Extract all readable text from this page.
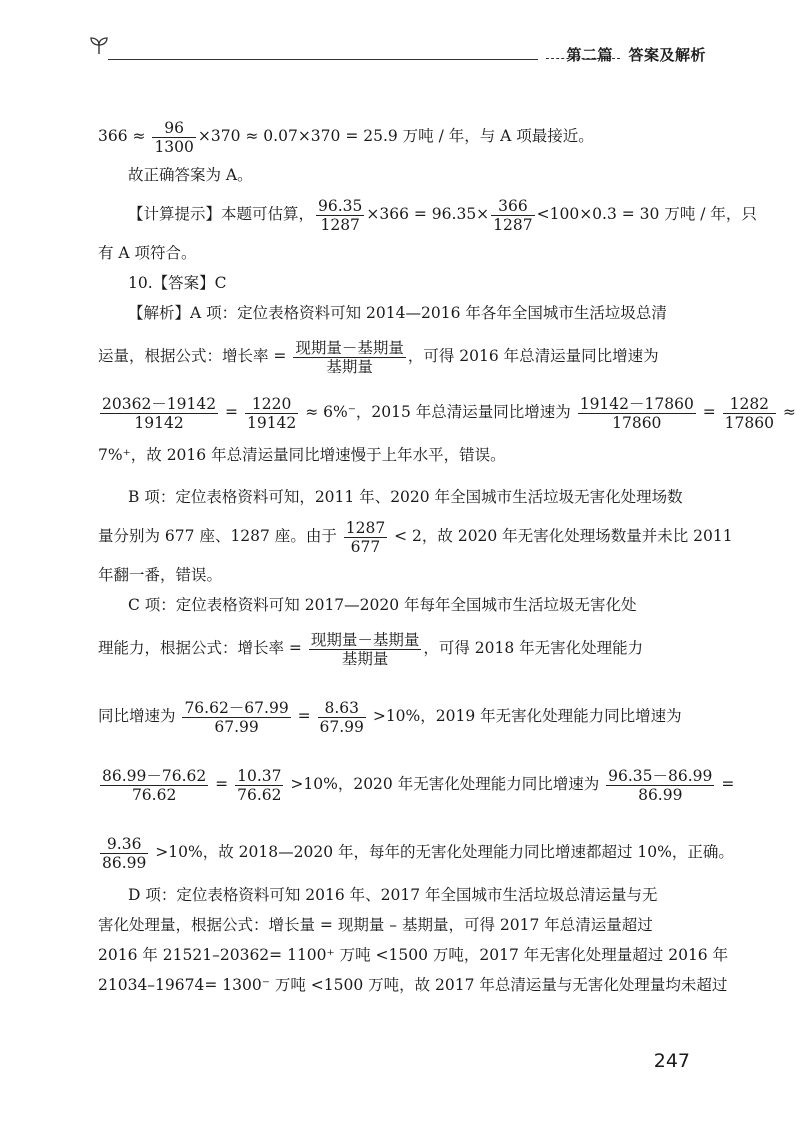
第二篇　答案及解析
$366 \approx \frac{96}{1300} \times 370 \approx 0.07\times 370 = 25.9$ 万吨 / 年，与 A 项最接近。
故正确答案为 A。
【计算提示】本题可估算， $\frac{96.35}{1287} \times 366 = 96.35\times \frac{366}{1287} <100\times 0.3 = 30$ 万吨 / 年，只
有 A 项符合。
10.【答案】C
【解析】A 项：定位表格资料可知 2014—2016 年各年全国城市生活垃圾总清
运量，根据公式：增长率 = $\frac{\text{现期量－基期量}}{\text{基期量}}$ ，可得 2016 年总清运量同比增速为
$\frac{20362-19142}{19142} = \frac{1220}{19142} \approx 6\%^-$，2015 年总清运量同比增速为 $\frac{19142-17860}{17860} = \frac{1282}{17860}$ ≈
7%⁺，故 2016 年总清运量同比增速慢于上年水平，错误。
B 项：定位表格资料可知，2011 年、2020 年全国城市生活垃圾无害化处理场数
量分别为 677 座、1287 座。由于 $\frac{1287}{677} < 2$，故 2020 年无害化处理场数量并未比 2011
年翻一番，错误。
C 项：定位表格资料可知 2017—2020 年每年全国城市生活垃圾无害化处
理能力，根据公式：增长率 = $\frac{\text{现期量－基期量}}{\text{基期量}}$ ，可得 2018 年无害化处理能力
同比增速为 $\frac{76.62-67.99}{67.99} = \frac{8.63}{67.99} >10\%$，2019 年无害化处理能力同比增速为
$\frac{86.99-76.62}{76.62} = \frac{10.37}{76.62} >10\%$，2020 年无害化处理能力同比增速为 $\frac{96.35-86.99}{86.99}$ =
$\frac{9.36}{86.99} >10\%$，故 2018—2020 年，每年的无害化处理能力同比增速都超过 10%，正确。
D 项：定位表格资料可知 2016 年、2017 年全国城市生活垃圾总清运量与无
害化处理量，根据公式：增长量 = 现期量 – 基期量，可得 2017 年总清运量超过
2016 年 21521–20362= 1100⁺ 万吨 <1500 万吨，2017 年无害化处理量超过 2016 年
21034–19674= 1300⁻ 万吨 <1500 万吨，故 2017 年总清运量与无害化处理量均未超过
247
